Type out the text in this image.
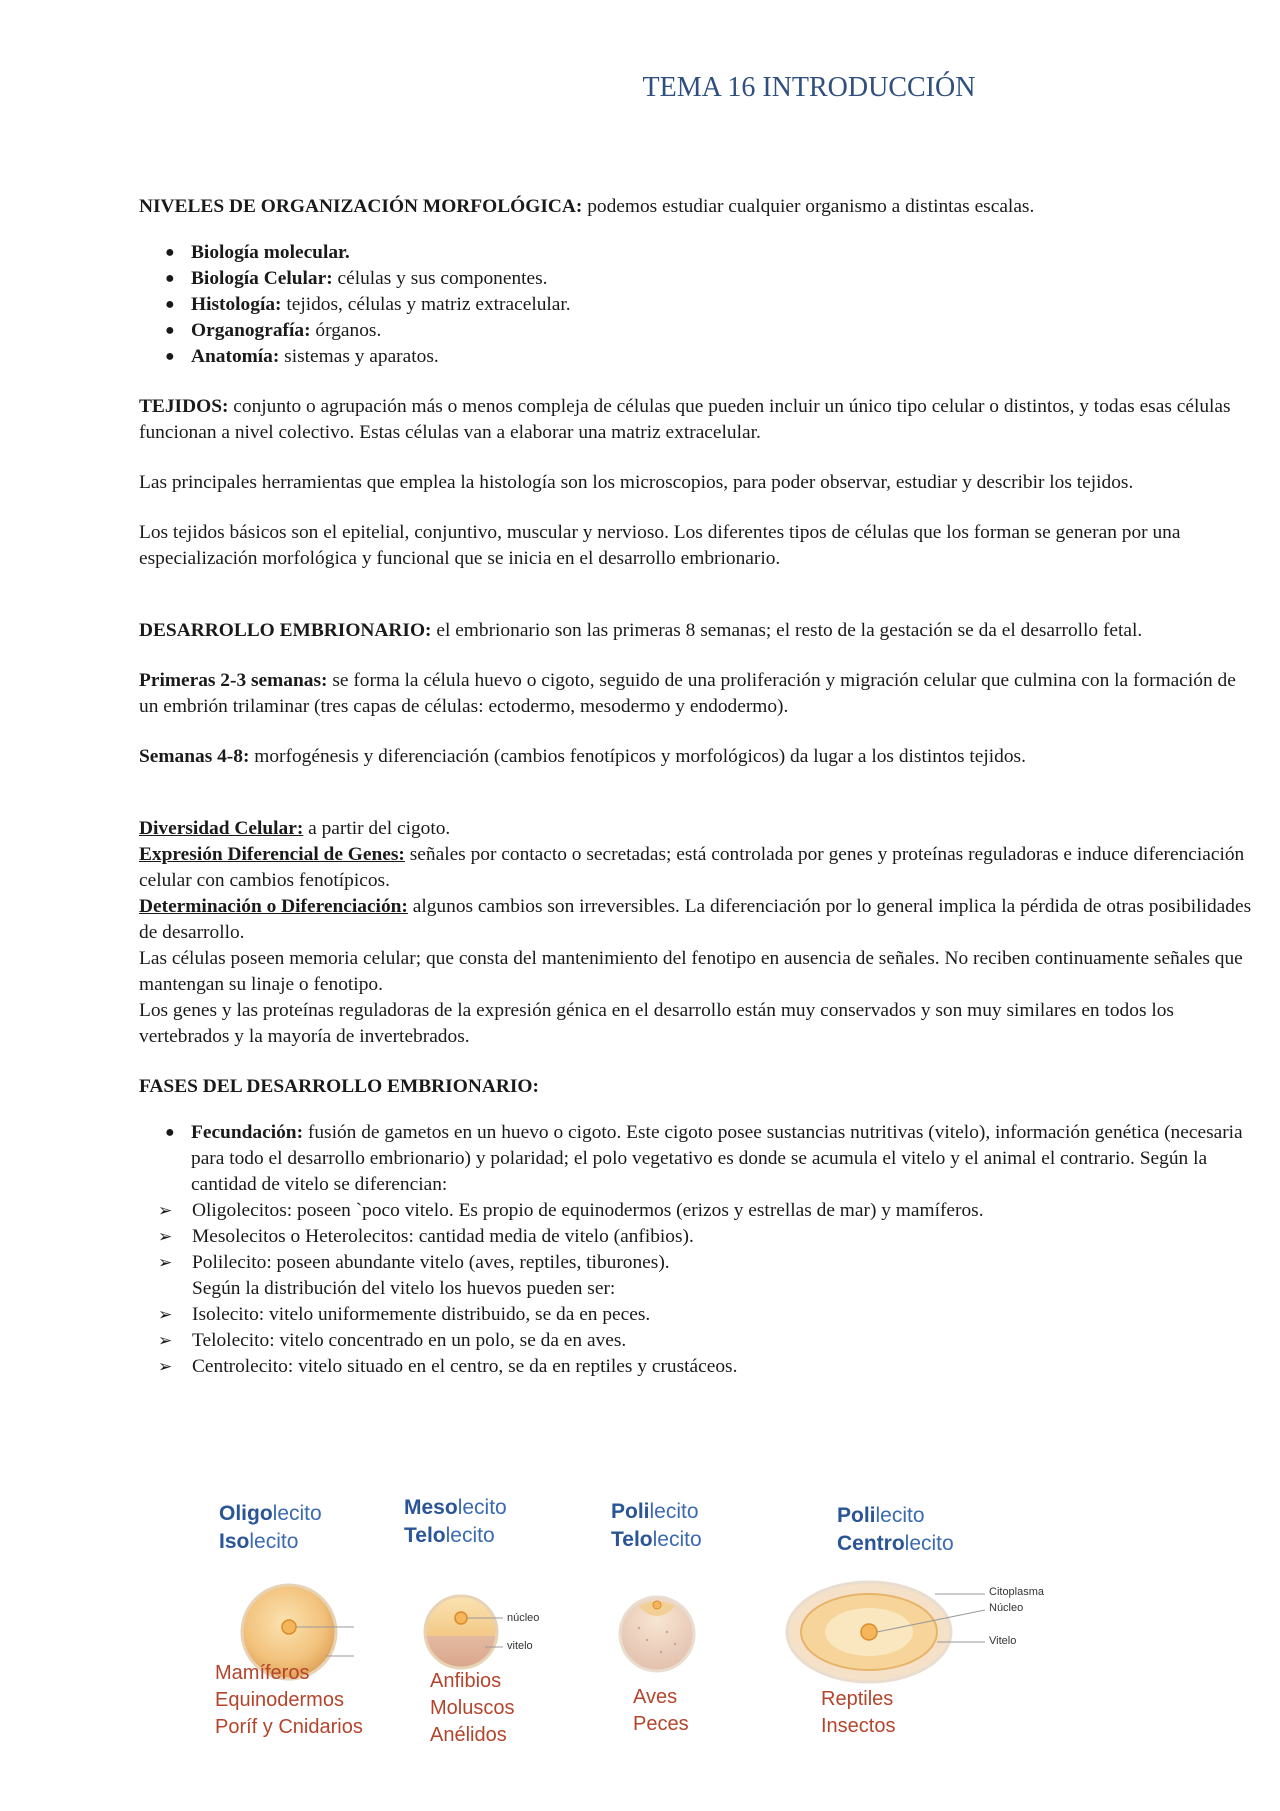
TEMA 16 INTRODUCCIÓN

NIVELES DE ORGANIZACIÓN MORFOLÓGICA: podemos estudiar cualquier organismo a distintas escalas.

● Biología molecular.
● Biología Celular: células y sus componentes.
● Histología: tejidos, células y matriz extracelular.
● Organografía: órganos.
● Anatomía: sistemas y aparatos.

TEJIDOS: conjunto o agrupación más o menos compleja de células que pueden incluir un único tipo celular o distintos, y todas esas células funcionan a nivel colectivo. Estas células van a elaborar una matriz extracelular.

Las principales herramientas que emplea la histología son los microscopios, para poder observar, estudiar y describir los tejidos.

Los tejidos básicos son el epitelial, conjuntivo, muscular y nervioso. Los diferentes tipos de células que los forman se generan por una especialización morfológica y funcional que se inicia en el desarrollo embrionario.

DESARROLLO EMBRIONARIO: el embrionario son las primeras 8 semanas; el resto de la gestación se da el desarrollo fetal.

Primeras 2-3 semanas: se forma la célula huevo o cigoto, seguido de una proliferación y migración celular que culmina con la formación de un embrión trilaminar (tres capas de células: ectodermo, mesodermo y endodermo).

Semanas 4-8: morfogénesis y diferenciación (cambios fenotípicos y morfológicos) da lugar a los distintos tejidos.

Diversidad Celular: a partir del cigoto.

Expresión Diferencial de Genes: señales por contacto o secretadas; está controlada por genes y proteínas reguladoras e induce diferenciación celular con cambios fenotípicos.

Determinación o Diferenciación: algunos cambios son irreversibles. La diferenciación por lo general implica la pérdida de otras posibilidades de desarrollo.

Las células poseen memoria celular; que consta del mantenimiento del fenotipo en ausencia de señales. No reciben continuamente señales que mantengan su linaje o fenotipo.

Los genes y las proteínas reguladoras de la expresión génica en el desarrollo están muy conservados y son muy similares en todos los vertebrados y la mayoría de invertebrados.

FASES DEL DESARROLLO EMBRIONARIO:

● Fecundación: fusión de gametos en un huevo o cigoto. Este cigoto posee sustancias nutritivas (vitelo), información genética (necesaria para todo el desarrollo embrionario) y polaridad; el polo vegetativo es donde se acumula el vitelo y el animal el contrario. Según la cantidad de vitelo se diferencian:
➢ Oligolecitos: poseen `poco vitelo. Es propio de equinodermos (erizos y estrellas de mar) y mamíferos.
➢ Mesolecitos o Heterolecitos: cantidad media de vitelo (anfibios).
➢ Polilecito: poseen abundante vitelo (aves, reptiles, tiburones).

Según la distribución del vitelo los huevos pueden ser:

➢ Isolecito: vitelo uniformemente distribuido, se da en peces.
➢ Telolecito: vitelo concentrado en un polo, se da en aves.
➢ Centrolecito: vitelo situado en el centro, se da en reptiles y crustáceos.
Oligolecito
Isolecito
Mamíferos
Equinodermos
Poríf y Cnidarios
Mesolecito
Telolecito
núcleo
vitelo
Anfibios
Moluscos
Anélidos
Polilecito
Telolecito
Aves
Peces
Polilecito
Centrolecito
Citoplasma
Núcleo
Vitelo
Reptiles
Insectos
